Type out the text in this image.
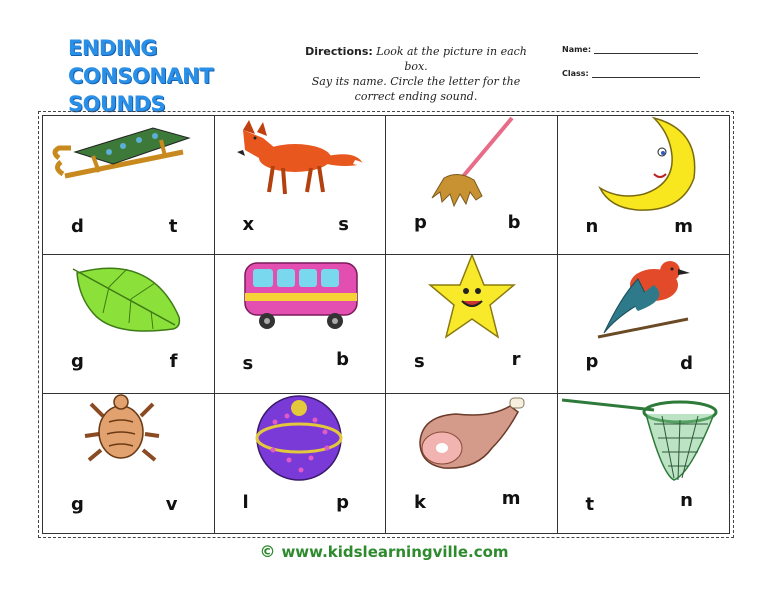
ENDING CONSONANT
SOUNDS
Directions: Look at the picture in each box.
Say its name. Circle the letter for the
correct ending sound.
Name:
Class:
d	t	x	s	p	b	n	m
g	f	s	b	s	r	p	d
g	v	l	p	k	m	t	n
© www.kidslearningville.com
